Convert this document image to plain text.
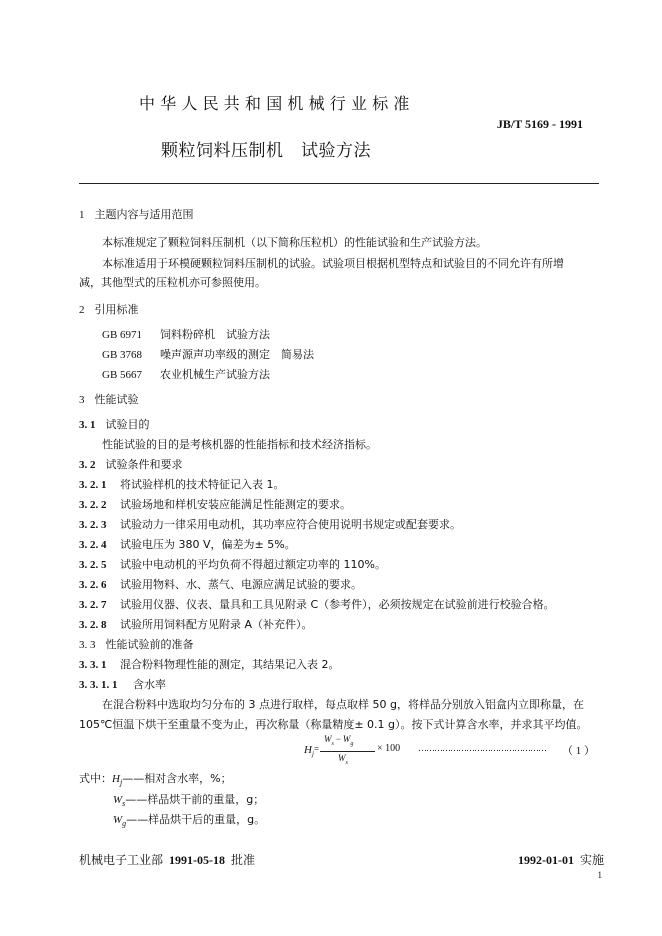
中华人民共和国机械行业标准
JB/T 5169 - 1991
颗粒饲料压制机　试验方法
1 主题内容与适用范围
本标准规定了颗粒饲料压制机（以下简称压粒机）的性能试验和生产试验方法。
本标准适用于环模硬颗粒饲料压制机的试验。试验项目根据机型特点和试验目的不同允许有所增
减，其他型式的压粒机亦可参照使用。
2 引用标准
GB 6971 饲料粉碎机　试验方法
GB 3768 噪声源声功率级的测定　简易法
GB 5667 农业机械生产试验方法
3 性能试验
3. 1 试验目的
性能试验的目的是考核机器的性能指标和技术经济指标。
3. 2 试验条件和要求
3. 2. 1 将试验样机的技术特征记入表 1。
3. 2. 2 试验场地和样机安装应能满足性能测定的要求。
3. 2. 3 试验动力一律采用电动机，其功率应符合使用说明书规定或配套要求。
3. 2. 4 试验电压为 380 V，偏差为± 5%。
3. 2. 5 试验中电动机的平均负荷不得超过额定功率的 110%。
3. 2. 6 试验用物料、水、蒸气、电源应满足试验的要求。
3. 2. 7 试验用仪器、仪表、量具和工具见附录 C（参考件），必须按规定在试验前进行校验合格。
3. 2. 8 试验所用饲料配方见附录 A（补充件）。
3. 3 性能试验前的准备
3. 3. 1 混合粉料物理性能的测定，其结果记入表 2。
3. 3. 1. 1 含水率
在混合粉料中选取均匀分布的 3 点进行取样，每点取样 50 g，将样品分别放入铝盒内立即称量，在
105℃恒温下烘干至重量不变为止，再次称量（称量精度± 0.1 g）。按下式计算含水率，并求其平均值。
$H_j$
=
$W_s - W_g$
$W_s$
× 100 ………………………………………… （ 1 ）
式中：$H_j——$相对含水率，%；
$W_s——$样品烘干前的重量，g；
$W_g——$样品烘干后的重量，g。
机械电子工业部 1991-05-18 批准	1992-01-01 实施
1
